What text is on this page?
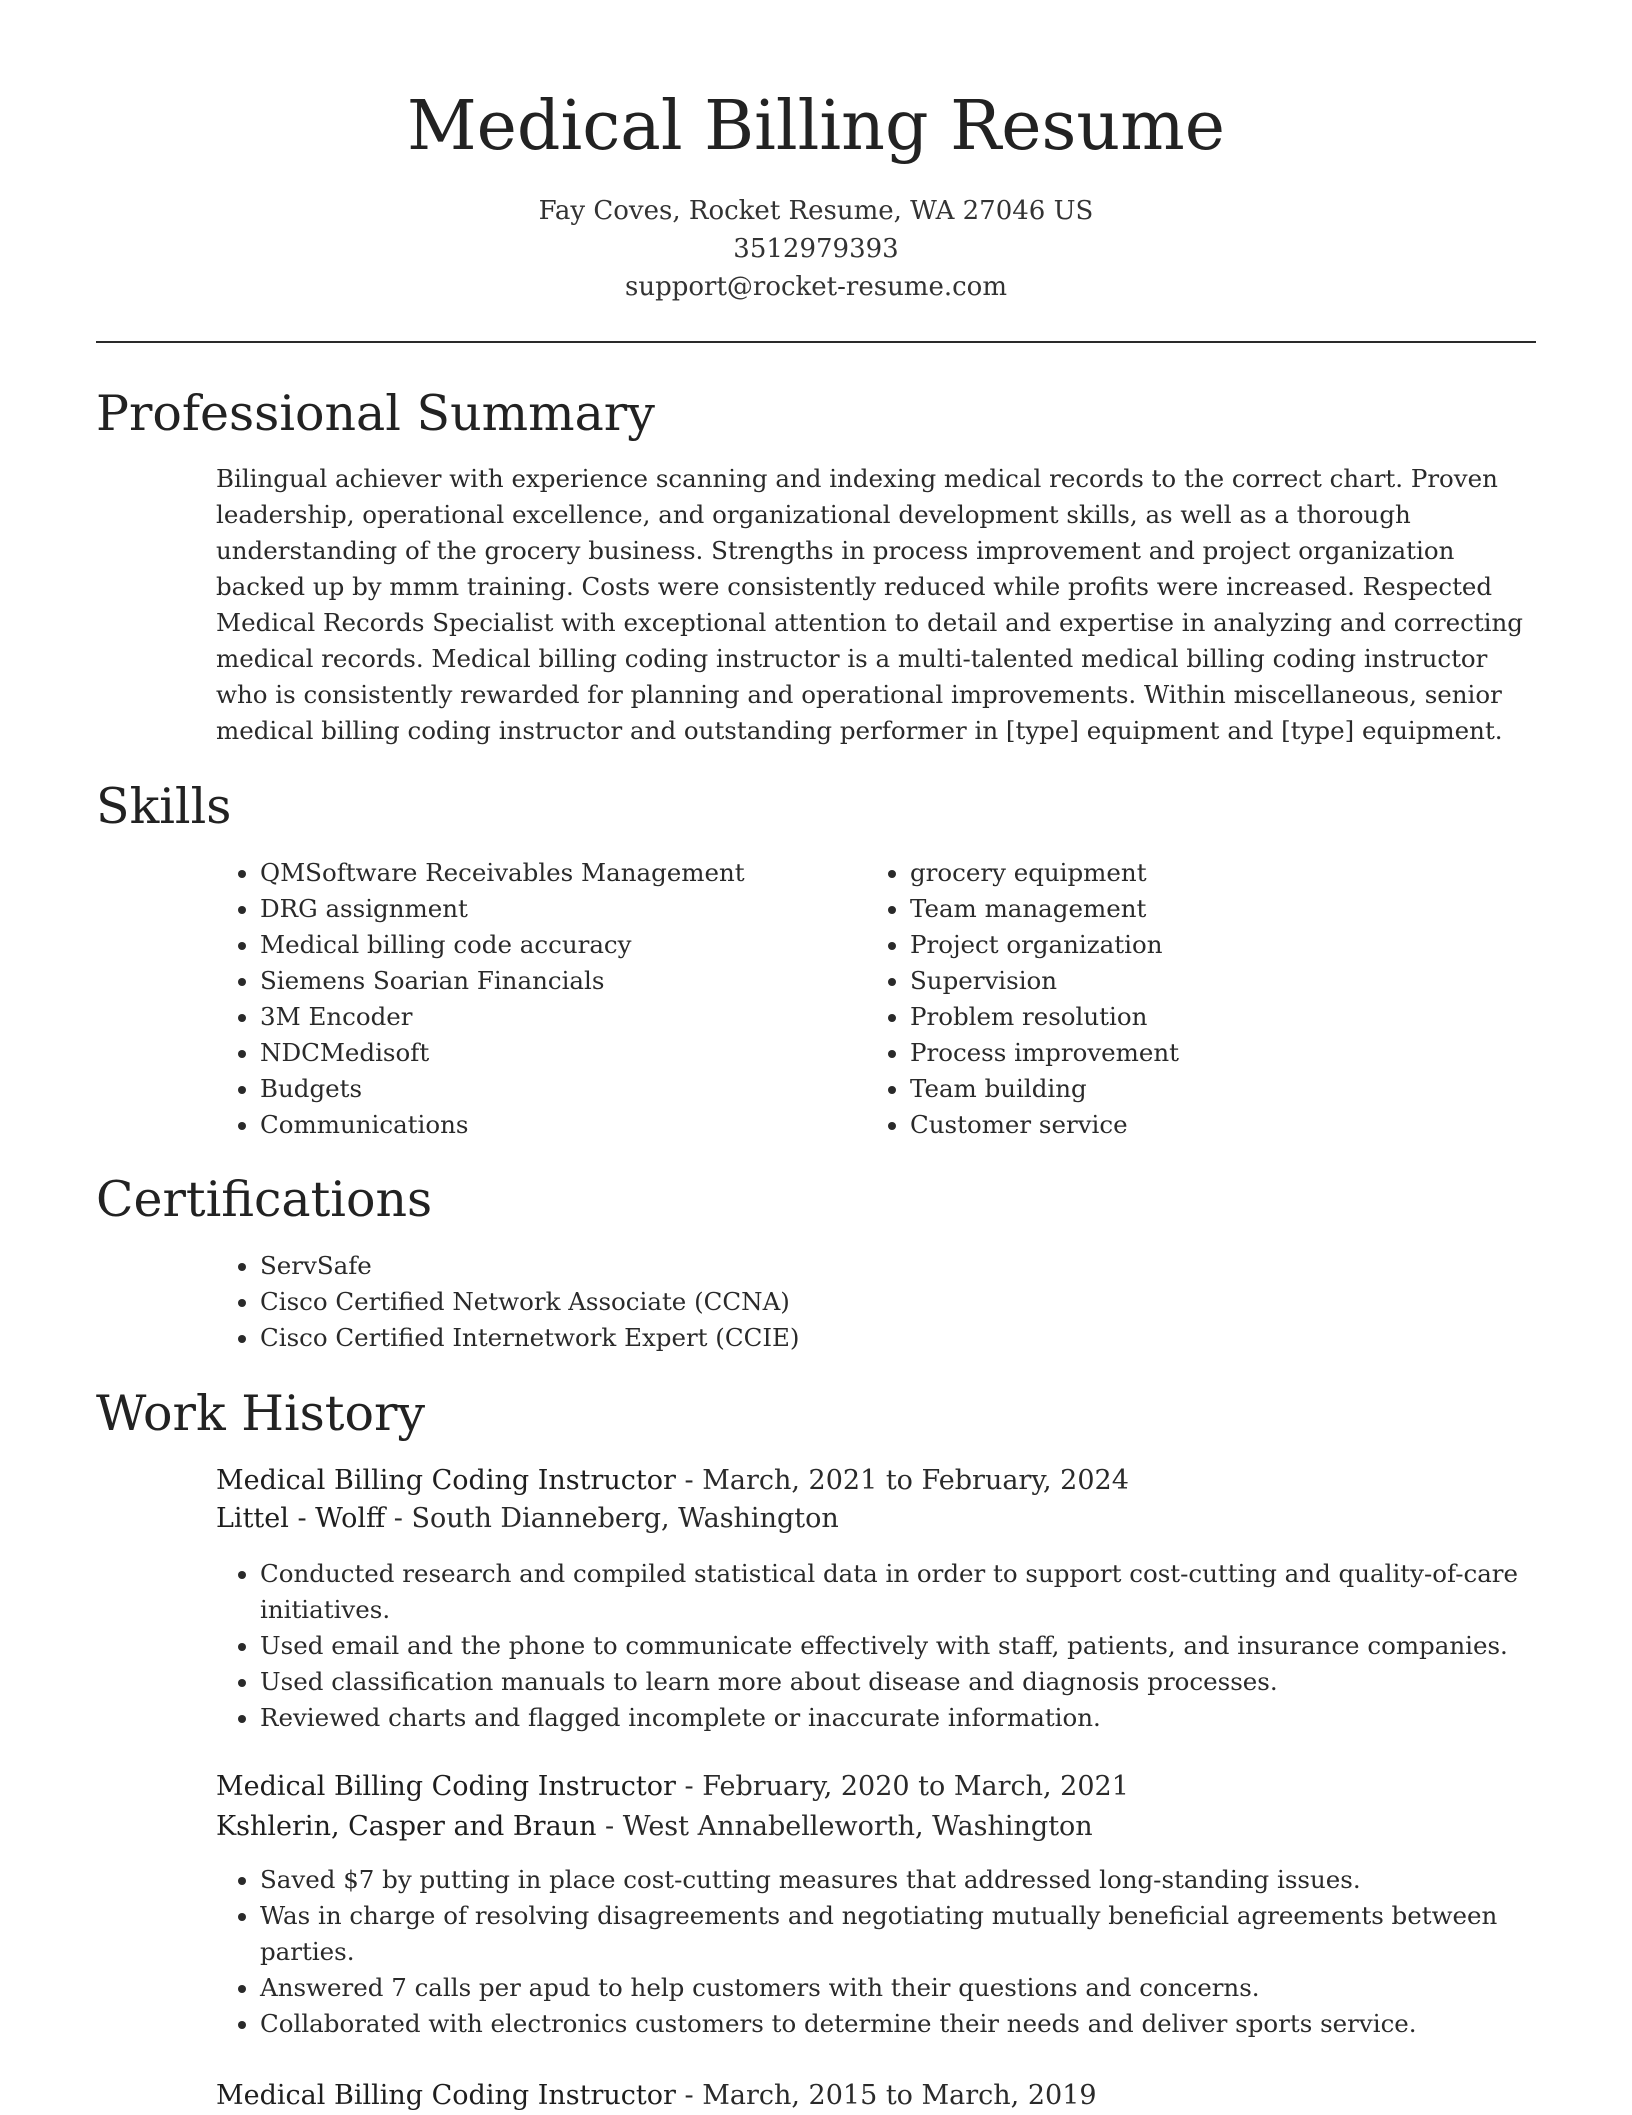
Medical Billing Resume
Fay Coves, Rocket Resume, WA 27046 US
3512979393
support@rocket-resume.com
Professional Summary
Bilingual achiever with experience scanning and indexing medical records to the correct chart. Proven leadership, operational excellence, and organizational development skills, as well as a thorough understanding of the grocery business. Strengths in process improvement and project organization backed up by mmm training. Costs were consistently reduced while profits were increased. Respected Medical Records Specialist with exceptional attention to detail and expertise in analyzing and correcting medical records. Medical billing coding instructor is a multi-talented medical billing coding instructor who is consistently rewarded for planning and operational improvements. Within miscellaneous, senior medical billing coding instructor and outstanding performer in [type] equipment and [type] equipment.
Skills
• QMSoftware Receivables Management
• DRG assignment
• Medical billing code accuracy
• Siemens Soarian Financials
• 3M Encoder
• NDCMedisoft
• Budgets
• Communications
• grocery equipment
• Team management
• Project organization
• Supervision
• Problem resolution
• Process improvement
• Team building
• Customer service
Certifications
• ServSafe
• Cisco Certified Network Associate (CCNA)
• Cisco Certified Internetwork Expert (CCIE)
Work History
Medical Billing Coding Instructor - March, 2021 to February, 2024
Littel - Wolff - South Dianneberg, Washington
• Conducted research and compiled statistical data in order to support cost-cutting and quality-of-care initiatives.
• Used email and the phone to communicate effectively with staff, patients, and insurance companies.
• Used classification manuals to learn more about disease and diagnosis processes.
• Reviewed charts and flagged incomplete or inaccurate information.
Medical Billing Coding Instructor - February, 2020 to March, 2021
Kshlerin, Casper and Braun - West Annabelleworth, Washington
• Saved $7 by putting in place cost-cutting measures that addressed long-standing issues.
• Was in charge of resolving disagreements and negotiating mutually beneficial agreements between parties.
• Answered 7 calls per apud to help customers with their questions and concerns.
• Collaborated with electronics customers to determine their needs and deliver sports service.
Medical Billing Coding Instructor - March, 2015 to March, 2019
